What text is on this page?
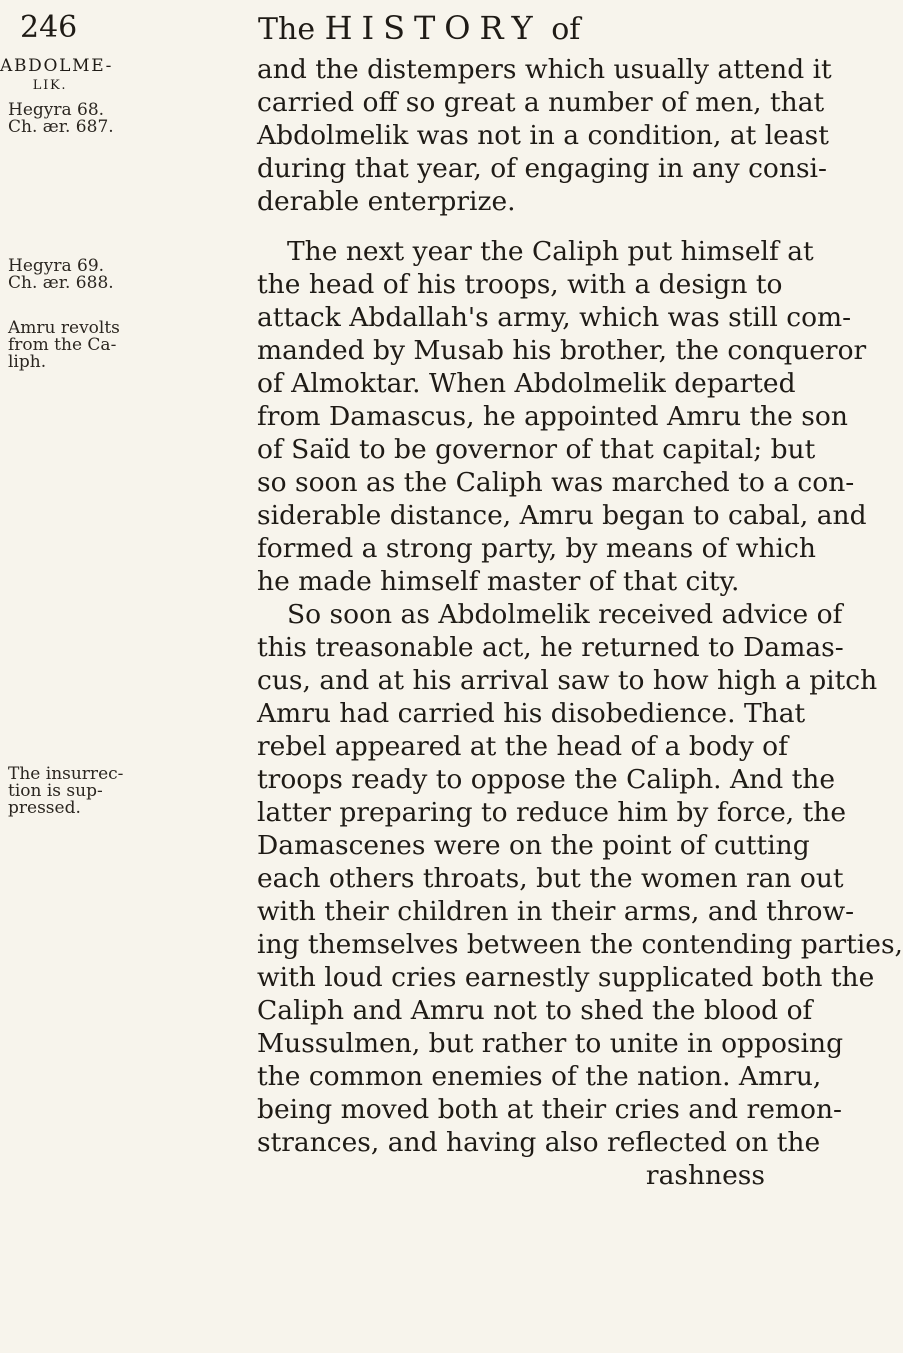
246	The HISTORY of
ABDOLME-
LIK.
Hegyra 68.
Ch. ær. 687.
Hegyra 69.
Ch. ær. 688.
Amru revolts
from the Ca-
liph.
The insurrec-
tion is sup-
pressed.
and the distempers which usually attend it
carried off so great a number of men, that
Abdolmelik was not in a condition, at least
during that year, of engaging in any consi-
derable enterprize.
The next year the Caliph put himself at
the head of his troops, with a design to
attack Abdallah's army, which was still com-
manded by Musab his brother, the conqueror
of Almoktar. When Abdolmelik departed
from Damascus, he appointed Amru the son
of Saïd to be governor of that capital; but
so soon as the Caliph was marched to a con-
siderable distance, Amru began to cabal, and
formed a strong party, by means of which
he made himself master of that city.
So soon as Abdolmelik received advice of
this treasonable act, he returned to Damas-
cus, and at his arrival saw to how high a pitch
Amru had carried his disobedience. That
rebel appeared at the head of a body of
troops ready to oppose the Caliph. And the
latter preparing to reduce him by force, the
Damascenes were on the point of cutting
each others throats, but the women ran out
with their children in their arms, and throw-
ing themselves between the contending parties,
with loud cries earnestly supplicated both the
Caliph and Amru not to shed the blood of
Mussulmen, but rather to unite in opposing
the common enemies of the nation. Amru,
being moved both at their cries and remon-
strances, and having also reflected on the
rashness
